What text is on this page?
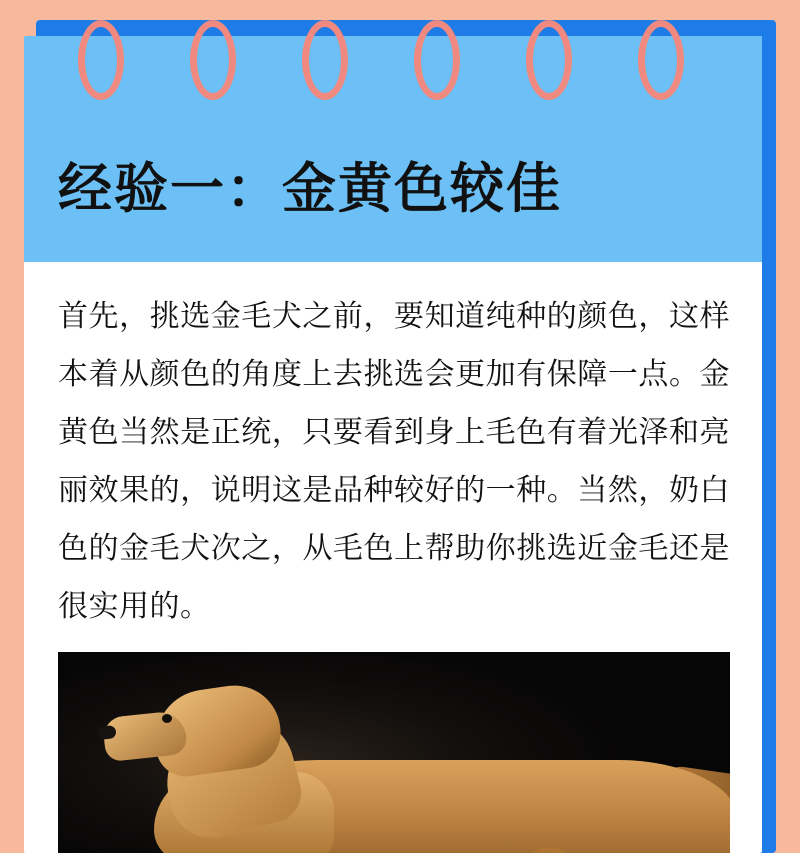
经验一：金黄色较佳
首先，挑选金毛犬之前，要知道纯种的颜色，这样本着从颜色的角度上去挑选会更加有保障一点。金黄色当然是正统，只要看到身上毛色有着光泽和亮丽效果的，说明这是品种较好的一种。当然，奶白色的金毛犬次之，从毛色上帮助你挑选近金毛还是很实用的。
